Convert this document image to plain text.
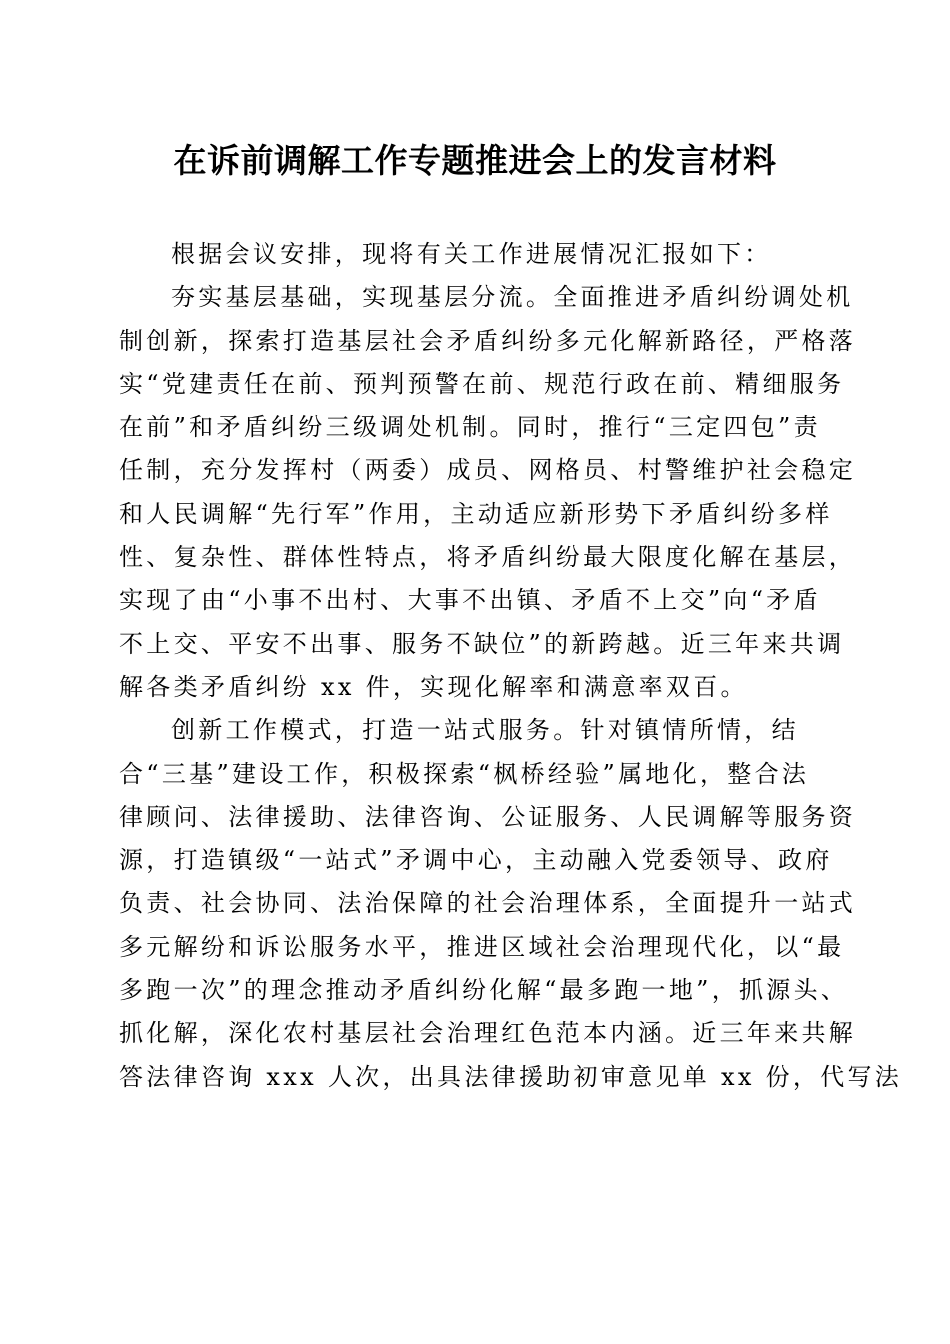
在诉前调解工作专题推进会上的发言材料
根据会议安排，现将有关工作进展情况汇报如下：
夯实基层基础，实现基层分流。全面推进矛盾纠纷调处机
制创新，探索打造基层社会矛盾纠纷多元化解新路径，严格落
实“党建责任在前、预判预警在前、规范行政在前、精细服务
在前”和矛盾纠纷三级调处机制。同时，推行“三定四包”责
任制，充分发挥村（两委）成员、网格员、村警维护社会稳定
和人民调解“先行军”作用，主动适应新形势下矛盾纠纷多样
性、复杂性、群体性特点，将矛盾纠纷最大限度化解在基层，
实现了由“小事不出村、大事不出镇、矛盾不上交”向“矛盾
不上交、平安不出事、服务不缺位”的新跨越。近三年来共调
解各类矛盾纠纷 xx 件，实现化解率和满意率双百。
创新工作模式，打造一站式服务。针对镇情所情，结
合“三基”建设工作，积极探索“枫桥经验”属地化，整合法
律顾问、法律援助、法律咨询、公证服务、人民调解等服务资
源，打造镇级“一站式”矛调中心，主动融入党委领导、政府
负责、社会协同、法治保障的社会治理体系，全面提升一站式
多元解纷和诉讼服务水平，推进区域社会治理现代化，以“最
多跑一次”的理念推动矛盾纠纷化解“最多跑一地”，抓源头、
抓化解，深化农村基层社会治理红色范本内涵。近三年来共解
答法律咨询 xxx 人次，出具法律援助初审意见单 xx 份，代写法
